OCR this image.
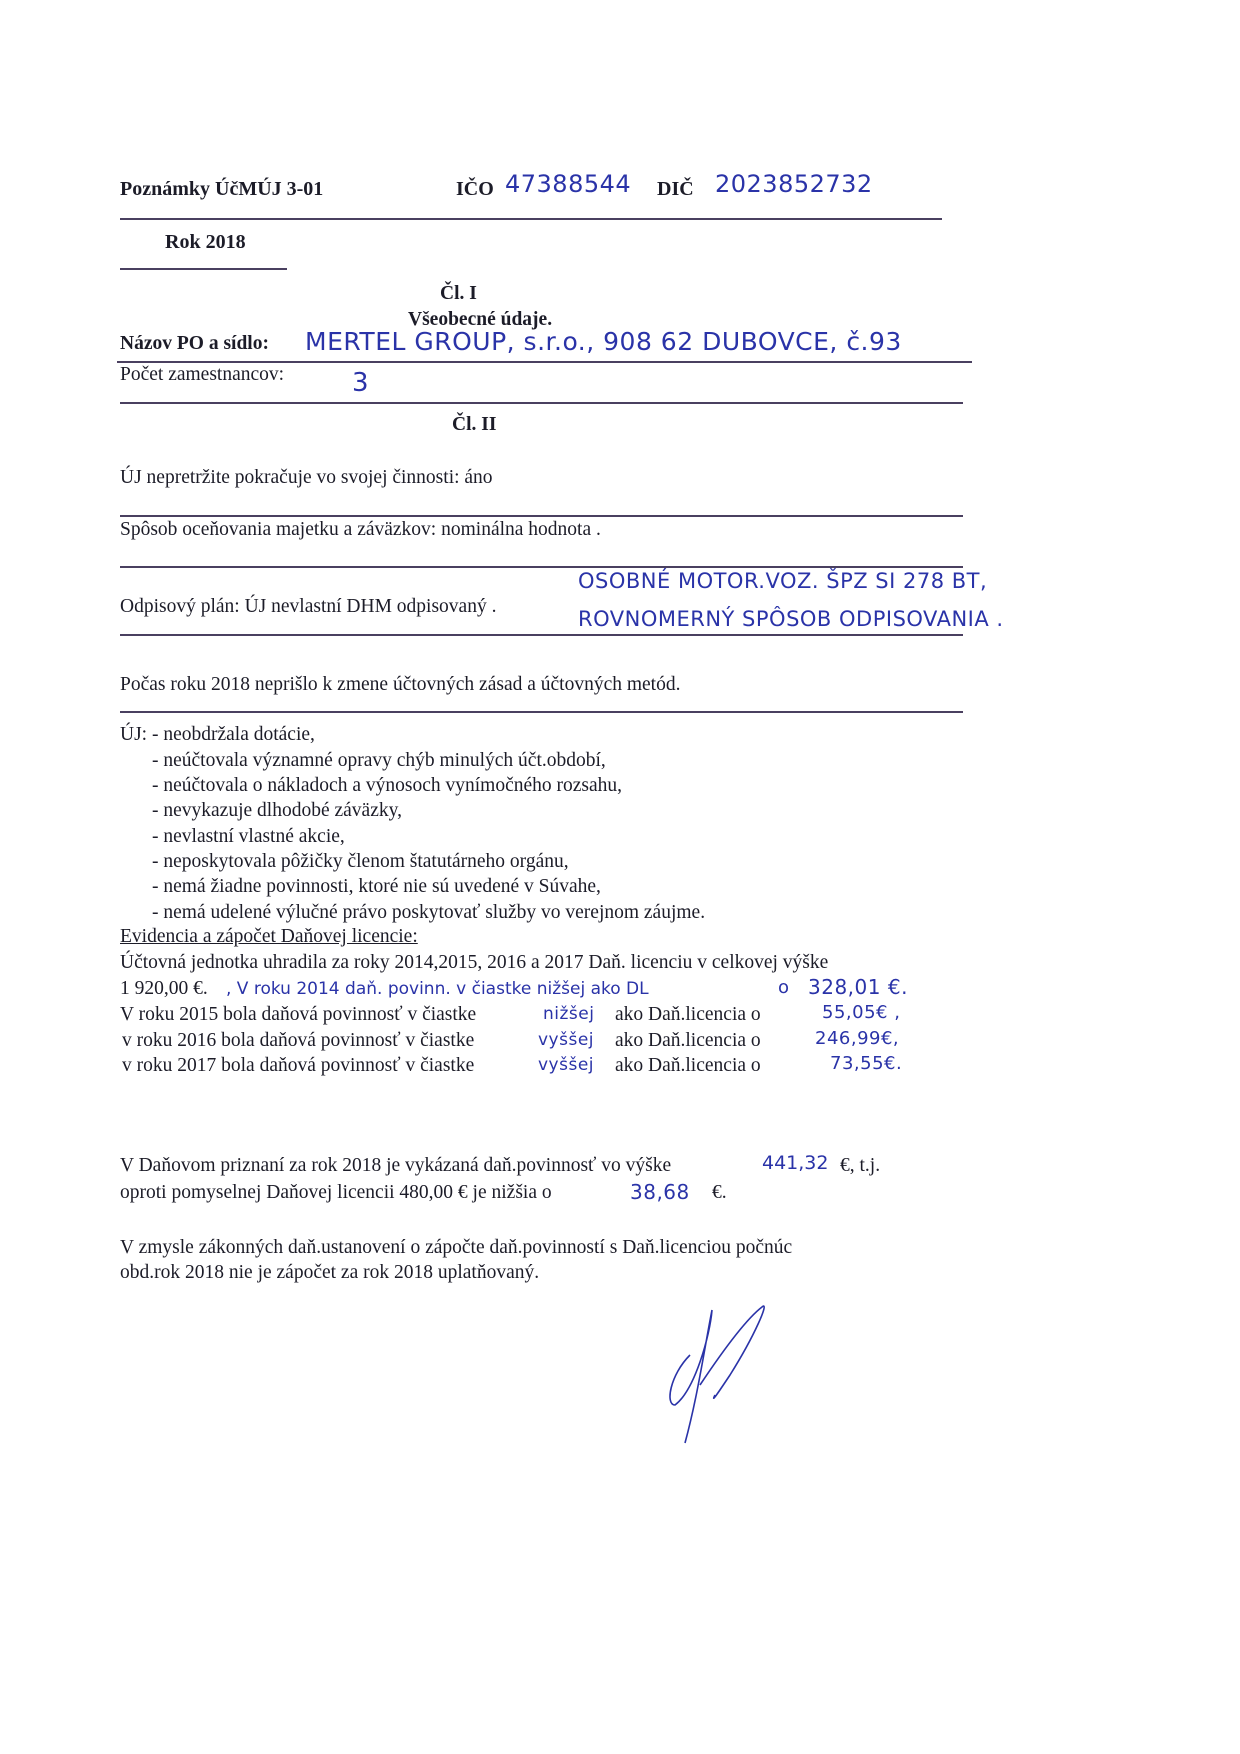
Poznámky ÚčMÚJ 3-01	IČO 47388544 DIČ 2023852732
Rok 2018
Čl. I
Všeobecné údaje.
Názov PO a sídlo: MERTEL GROUP, s.r.o., 908 62 DUBOVCE, č.93
Počet zamestnancov:	3
Čl. II
ÚJ nepretržite pokračuje vo svojej činnosti: áno
Spôsob oceňovania majetku a záväzkov: nominálna hodnota .
OSOBNÉ MOTOR.VOZ. ŠPZ SI 278 BT,
Odpisový plán: ÚJ nevlastní DHM odpisovaný .
ROVNOMERNÝ SPÔSOB ODPISOVANIA .
Počas roku 2018 neprišlo k zmene účtovných zásad a účtovných metód.
ÚJ: - neobdržala dotácie,
- neúčtovala významné opravy chýb minulých účt.období,
- neúčtovala o nákladoch a výnosoch vynímočného rozsahu,
- nevykazuje dlhodobé záväzky,
- nevlastní vlastné akcie,
- neposkytovala pôžičky členom štatutárneho orgánu,
- nemá žiadne povinnosti, ktoré nie sú uvedené v Súvahe,
- nemá udelené výlučné právo poskytovať služby vo verejnom záujme.
Evidencia a zápočet Daňovej licencie:
Účtovná jednotka uhradila za roky 2014,2015, 2016 a 2017 Daň. licenciu v celkovej výške
1 920,00 €. , V roku 2014 daň. povinn. v čiastke nižšej ako DL	o 328,01 €.
V roku 2015 bola daňová povinnosť v čiastke	nižšej ako Daň.licencia o	55,05€ ,
v roku 2016 bola daňová povinnosť v čiastke	vyššej ako Daň.licencia o	246,99€,
v roku 2017 bola daňová povinnosť v čiastke	vyššej ako Daň.licencia o	73,55€.
V Daňovom priznaní za rok 2018 je vykázaná daň.povinnosť vo výške	441,32 €, t.j.
oproti pomyselnej Daňovej licencii 480,00 € je nižšia o	38,68 €.
V zmysle zákonných daň.ustanovení o zápočte daň.povinností s Daň.licenciou počnúc
obd.rok 2018 nie je zápočet za rok 2018 uplatňovaný.
